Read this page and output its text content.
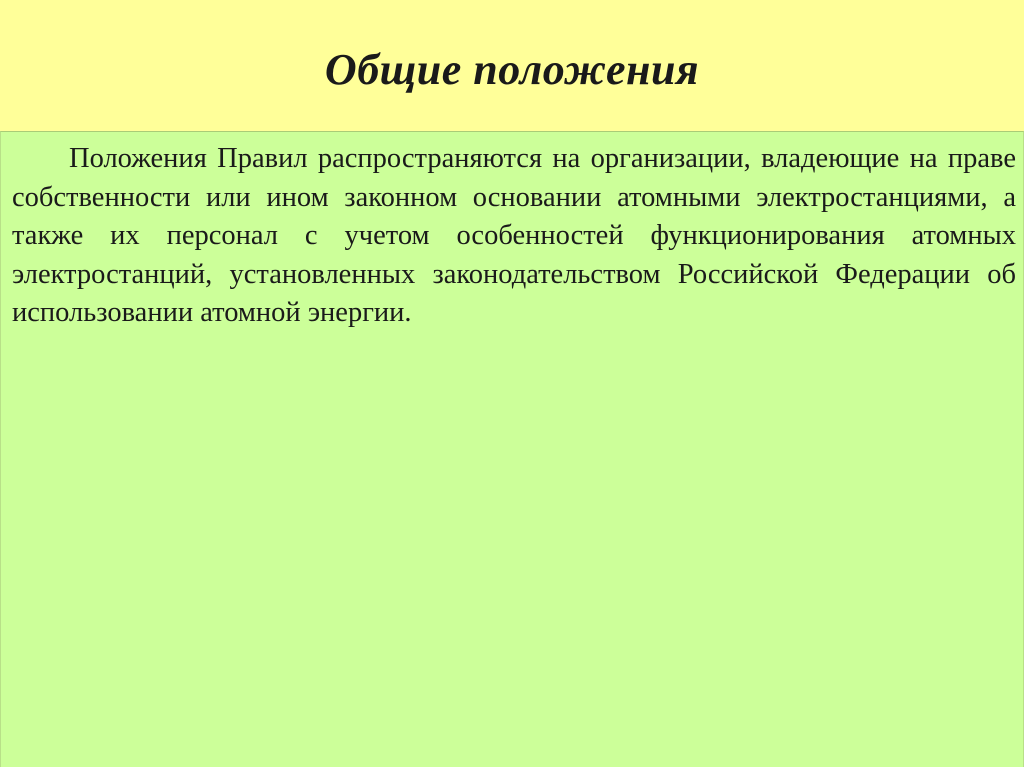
Общие положения

Положения Правил распространяются на организации, владеющие на праве собственности или ином законном основании атомными электростанциями, а также их персонал с учетом особенностей функционирования атомных электростанций, установленных законодательством Российской Федерации об использовании атомной энергии.
